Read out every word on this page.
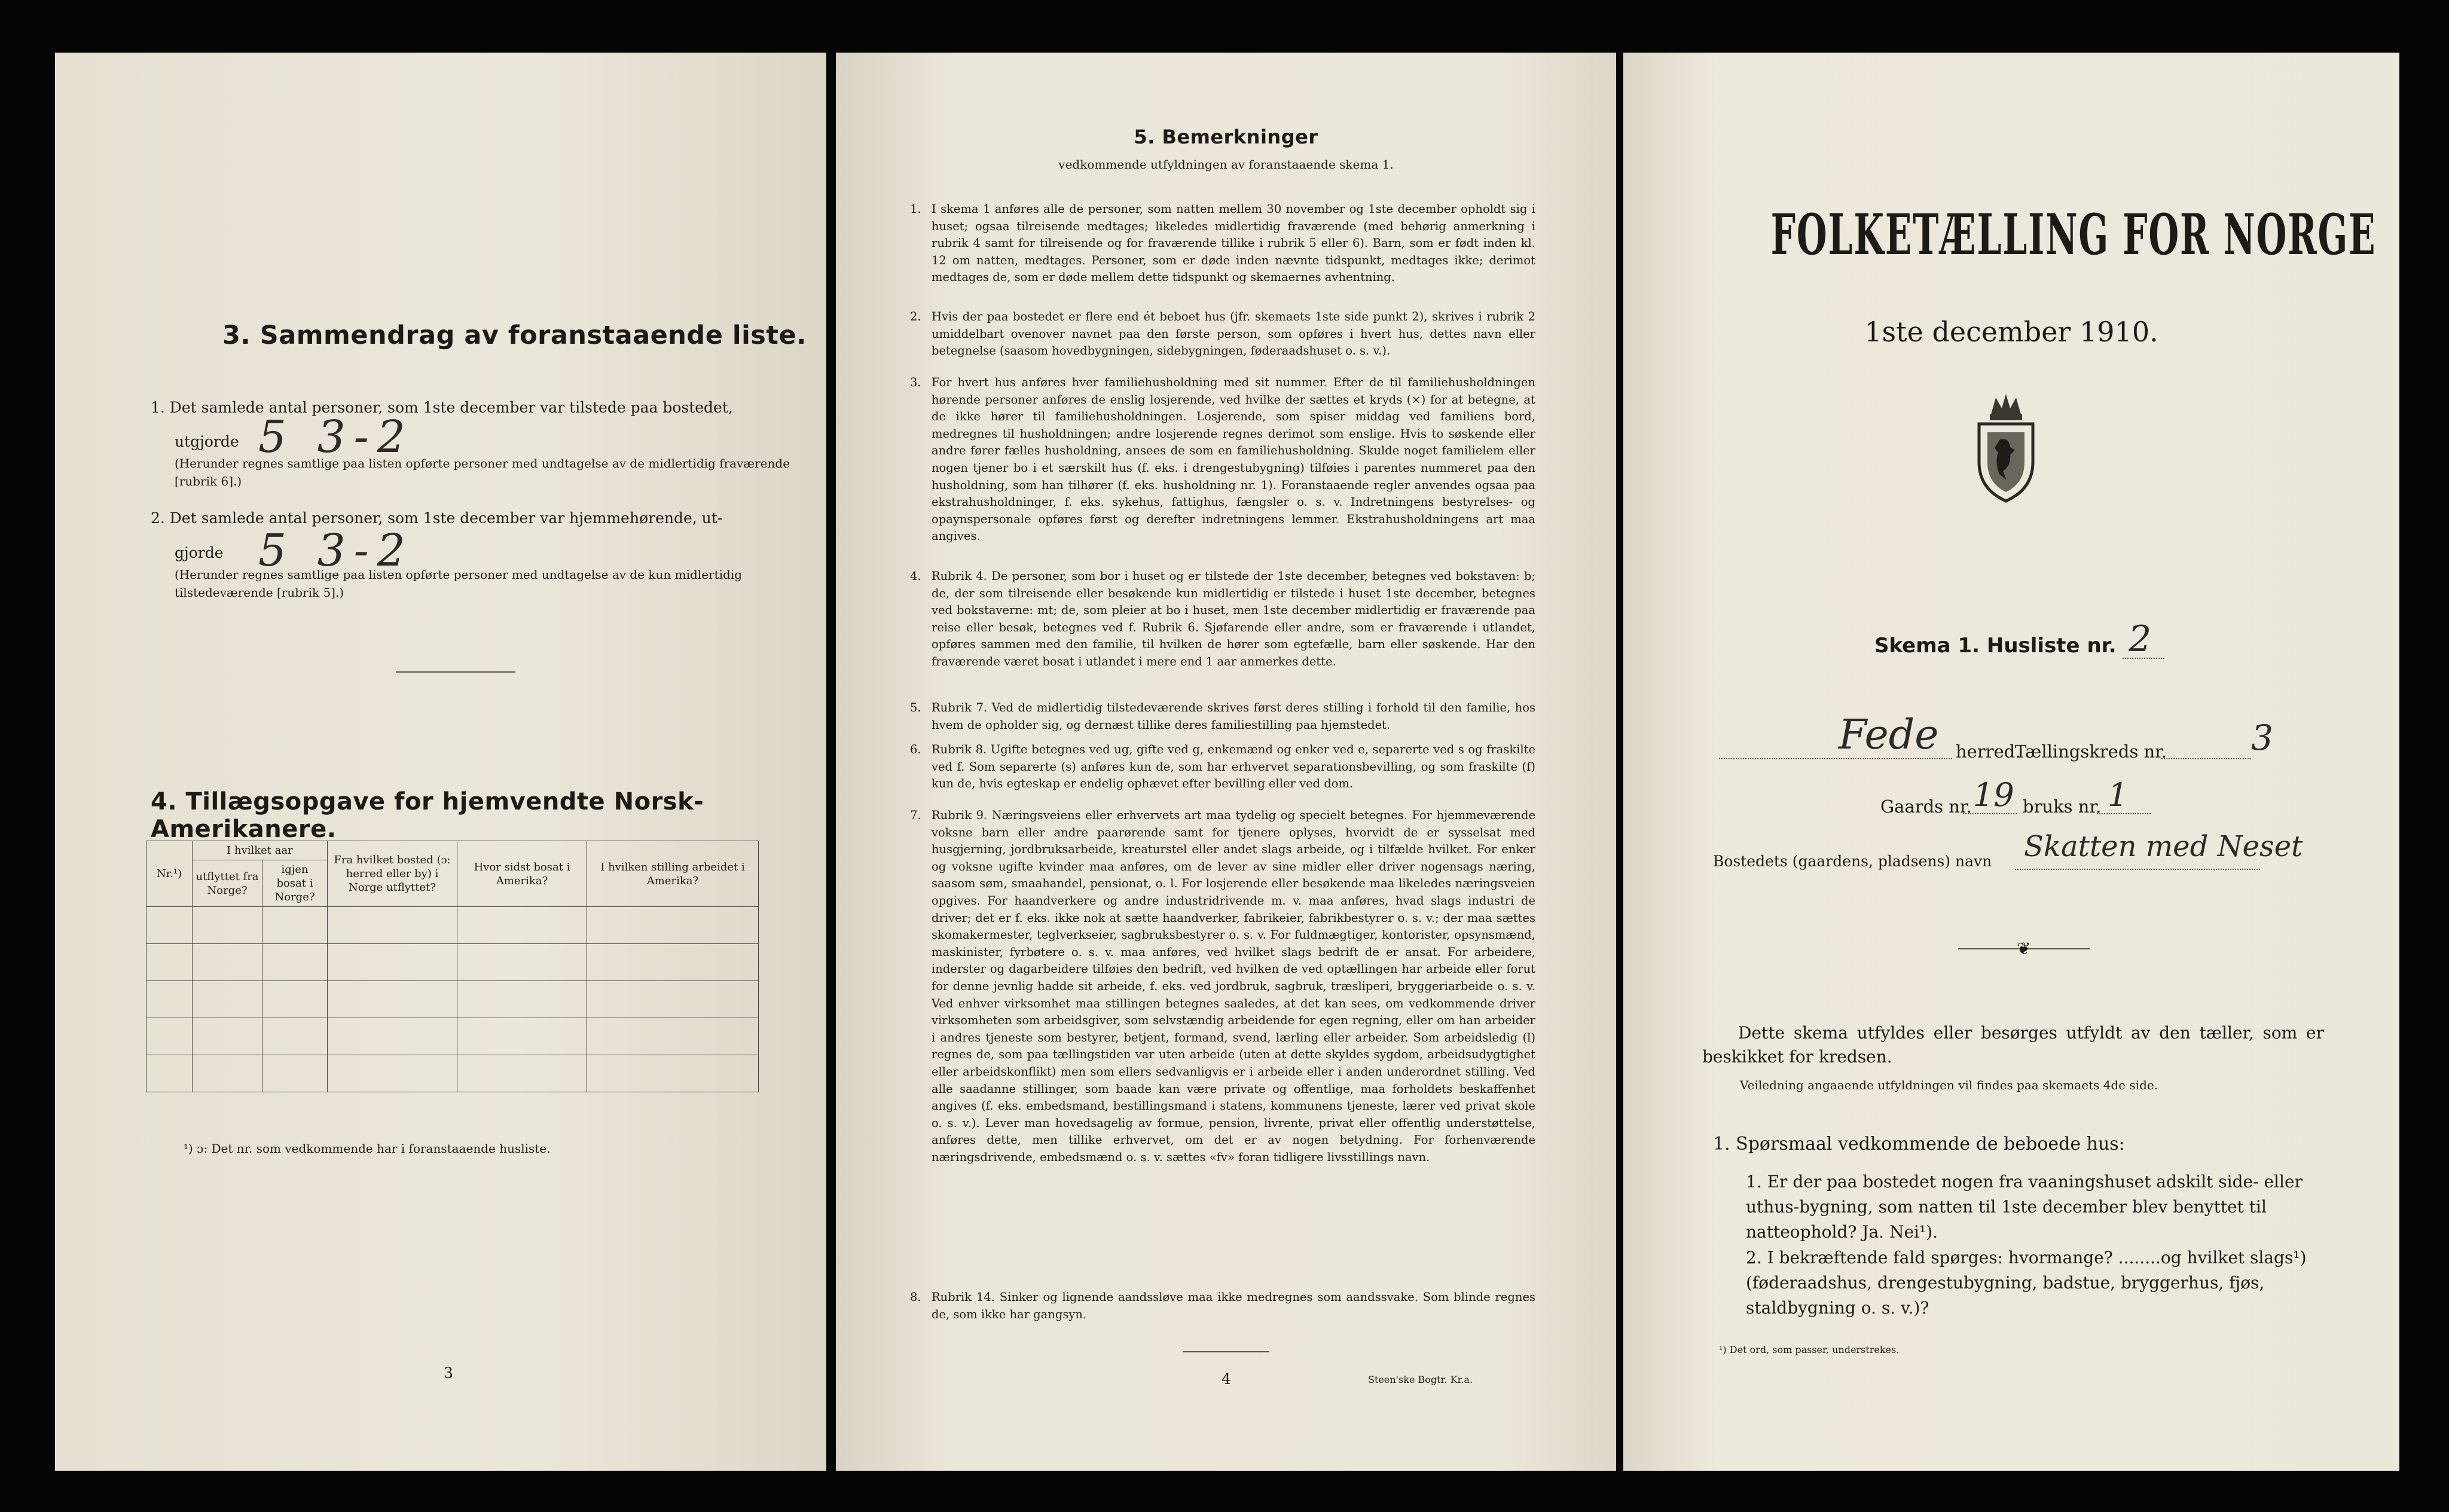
3. Sammendrag av foranstaaende liste.
1. Det samlede antal personer, som 1ste december var tilstede paa bostedet,
utgjorde 5 3-2
(Herunder regnes samtlige paa listen opførte personer med undtagelse av de midlertidig fraværende [rubrik 6].)
2. Det samlede antal personer, som 1ste december var hjemmehørende, ut-
gjorde 5 3-2
(Herunder regnes samtlige paa listen opførte personer med undtagelse av de kun midlertidig tilstedeværende [rubrik 5].)
4. Tillægsopgave for hjemvendte Norsk-Amerikanere.
Nr.¹)	I hvilket aar		Fra hvilket bosted (ɔ: herred eller by) i Norge utflyttet?	Hvor sidst bosat i Amerika?	I hvilken stilling arbeidet i Amerika?
	utflyttet fra Norge?	igjen bosat i Norge?			

¹) ɔ: Det nr. som vedkommende har i foranstaaende husliste.
3
5. Bemerkninger
vedkommende utfyldningen av foranstaaende skema 1.
1. I skema 1 anføres alle de personer, som natten mellem 30 november og 1ste december opholdt sig i huset; ogsaa tilreisende medtages; likeledes midlertidig fraværende (med behørig anmerkning i rubrik 4 samt for tilreisende og for fraværende tillike i rubrik 5 eller 6). Barn, som er født inden kl. 12 om natten, medtages. Personer, som er døde inden nævnte tidspunkt, medtages ikke; derimot medtages de, som er døde mellem dette tidspunkt og skemaernes avhentning.
2. Hvis der paa bostedet er flere end ét beboet hus (jfr. skemaets 1ste side punkt 2), skrives i rubrik 2 umiddelbart ovenover navnet paa den første person, som opføres i hvert hus, dettes navn eller betegnelse (saasom hovedbygningen, sidebygningen, føderaadshuset o. s. v.).
3. For hvert hus anføres hver familiehusholdning med sit nummer. Efter de til familiehusholdningen hørende personer anføres de enslig losjerende, ved hvilke der sættes et kryds (×) for at betegne, at de ikke hører til familiehusholdningen. Losjerende, som spiser middag ved familiens bord, medregnes til husholdningen; andre losjerende regnes derimot som enslige. Hvis to søskende eller andre fører fælles husholdning, ansees de som en familiehusholdning. Skulde noget familielem eller nogen tjener bo i et særskilt hus (f. eks. i drengestubygning) tilføies i parentes nummeret paa den husholdning, som han tilhører (f. eks. husholdning nr. 1). Foranstaaende regler anvendes ogsaa paa ekstrahusholdninger, f. eks. sykehus, fattighus, fængsler o. s. v. Indretningens bestyrelses- og opaynspersonale opføres først og derefter indretningens lemmer. Ekstrahusholdningens art maa angives.
4. Rubrik 4. De personer, som bor i huset og er tilstede der 1ste december, betegnes ved bokstaven: b; de, der som tilreisende eller besøkende kun midlertidig er tilstede i huset 1ste december, betegnes ved bokstaverne: mt; de, som pleier at bo i huset, men 1ste december midlertidig er fraværende paa reise eller besøk, betegnes ved f. Rubrik 6. Sjøfarende eller andre, som er fraværende i utlandet, opføres sammen med den familie, til hvilken de hører som egtefælle, barn eller søskende. Har den fraværende været bosat i utlandet i mere end 1 aar anmerkes dette.
5. Rubrik 7. Ved de midlertidig tilstedeværende skrives først deres stilling i forhold til den familie, hos hvem de opholder sig, og dernæst tillike deres familiestilling paa hjemstedet.
6. Rubrik 8. Ugifte betegnes ved ug, gifte ved g, enkemænd og enker ved e, separerte ved s og fraskilte ved f. Som separerte (s) anføres kun de, som har erhvervet separationsbevilling, og som fraskilte (f) kun de, hvis egteskap er endelig ophævet efter bevilling eller ved dom.
7. Rubrik 9. Næringsveiens eller erhvervets art maa tydelig og specielt betegnes. For hjemmeværende voksne barn eller andre paarørende samt for tjenere oplyses, hvorvidt de er sysselsat med husgjerning, jordbruksarbeide, kreaturstel eller andet slags arbeide, og i tilfælde hvilket. For enker og voksne ugifte kvinder maa anføres, om de lever av sine midler eller driver nogensags næring, saasom søm, smaahandel, pensionat, o. l. For losjerende eller besøkende maa likeledes næringsveien opgives. For haandverkere og andre industridrivende m. v. maa anføres, hvad slags industri de driver; det er f. eks. ikke nok at sætte haandverker, fabrikeier, fabrikbestyrer o. s. v.; der maa sættes skomakermester, teglverkseier, sagbruksbestyrer o. s. v. For fuldmægtiger, kontorister, opsynsmænd, maskinister, fyrbøtere o. s. v. maa anføres, ved hvilket slags bedrift de er ansat. For arbeidere, inderster og dagarbeidere tilføies den bedrift, ved hvilken de ved optællingen har arbeide eller forut for denne jevnlig hadde sit arbeide, f. eks. ved jordbruk, sagbruk, træsliperi, bryggeriarbeide o. s. v. Ved enhver virksomhet maa stillingen betegnes saaledes, at det kan sees, om vedkommende driver virksomheten som arbeidsgiver, som selvstændig arbeidende for egen regning, eller om han arbeider i andres tjeneste som bestyrer, betjent, formand, svend, lærling eller arbeider. Som arbeidsledig (l) regnes de, som paa tællingstiden var uten arbeide (uten at dette skyldes sygdom, arbeidsudygtighet eller arbeidskonflikt) men som ellers sedvanligvis er i arbeide eller i anden underordnet stilling. Ved alle saadanne stillinger, som baade kan være private og offentlige, maa forholdets beskaffenhet angives (f. eks. embedsmand, bestillingsmand i statens, kommunens tjeneste, lærer ved privat skole o. s. v.). Lever man hovedsagelig av formue, pension, livrente, privat eller offentlig understøttelse, anføres dette, men tillike erhvervet, om det er av nogen betydning. For forhenværende næringsdrivende, embedsmænd o. s. v. sættes «fv» foran tidligere livsstillings navn.
8. Rubrik 14. Sinker og lignende aandssløve maa ikke medregnes som aandssvake. Som blinde regnes de, som ikke har gangsyn.
4	Steen'ske Bogtr. Kr.a.
FOLKETÆLLING FOR NORGE
1ste december 1910.
Skema 1. Husliste nr. 2
Fede herred.
Tællingskreds nr. 3
Gaards nr. 19 bruks nr. 1
Bostedets (gaardens, pladsens) navn Skatten med Neset
❦
Dette skema utfyldes eller besørges utfyldt av den tæller, som er beskikket for kredsen.
Veiledning angaaende utfyldningen vil findes paa skemaets 4de side.
1. Spørsmaal vedkommende de beboede hus:
1. Er der paa bostedet nogen fra vaaningshuset adskilt side- eller uthus-bygning, som natten til 1ste december blev benyttet til natteophold? Ja. Nei¹).
2. I bekræftende fald spørges: hvormange? ........og hvilket slags¹) (føderaadshus, drengestubygning, badstue, bryggerhus, fjøs, staldbygning o. s. v.)?
¹) Det ord, som passer, understrekes.
